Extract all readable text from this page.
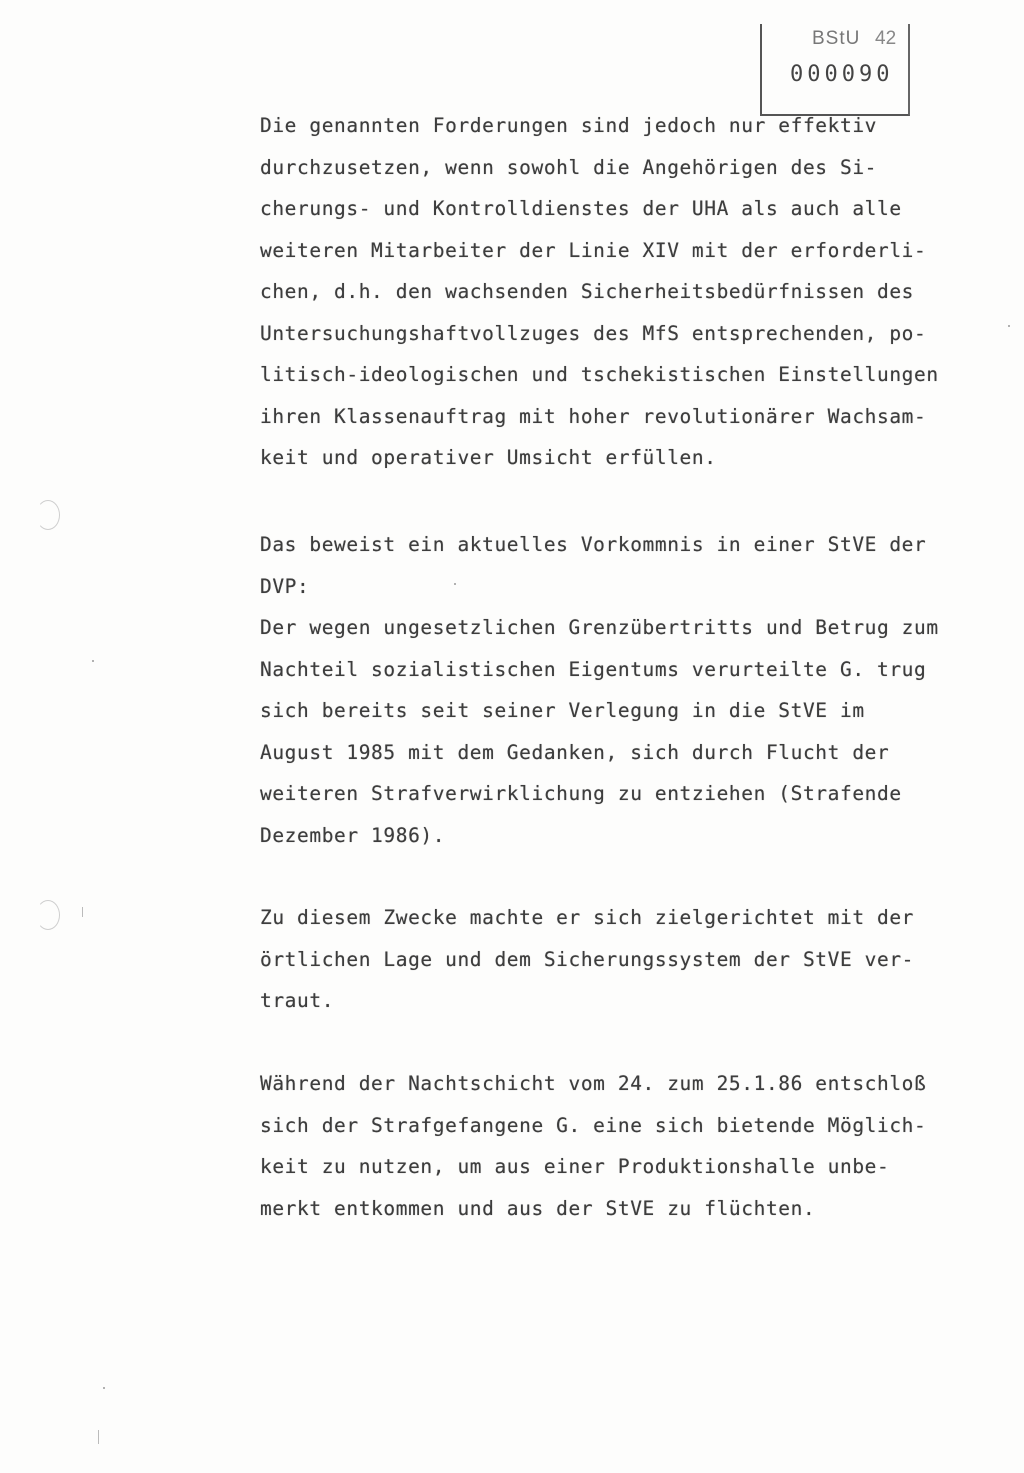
BStU 42
000090
Die genannten Forderungen sind jedoch nur effektiv
durchzusetzen, wenn sowohl die Angehörigen des Si-
cherungs- und Kontrolldienstes der UHA als auch alle
weiteren Mitarbeiter der Linie XIV mit der erforderli-
chen, d.h. den wachsenden Sicherheitsbedürfnissen des
Untersuchungshaftvollzuges des MfS entsprechenden, po-
litisch-ideologischen und tschekistischen Einstellungen
ihren Klassenauftrag mit hoher revolutionärer Wachsam-
keit und operativer Umsicht erfüllen.
Das beweist ein aktuelles Vorkommnis in einer StVE der
DVP:
Der wegen ungesetzlichen Grenzübertritts und Betrug zum
Nachteil sozialistischen Eigentums verurteilte G. trug
sich bereits seit seiner Verlegung in die StVE im
August 1985 mit dem Gedanken, sich durch Flucht der
weiteren Strafverwirklichung zu entziehen (Strafende
Dezember 1986).
Zu diesem Zwecke machte er sich zielgerichtet mit der
örtlichen Lage und dem Sicherungssystem der StVE ver-
traut.
Während der Nachtschicht vom 24. zum 25.1.86 entschloß
sich der Strafgefangene G. eine sich bietende Möglich-
keit zu nutzen, um aus einer Produktionshalle unbe-
merkt entkommen und aus der StVE zu flüchten.
